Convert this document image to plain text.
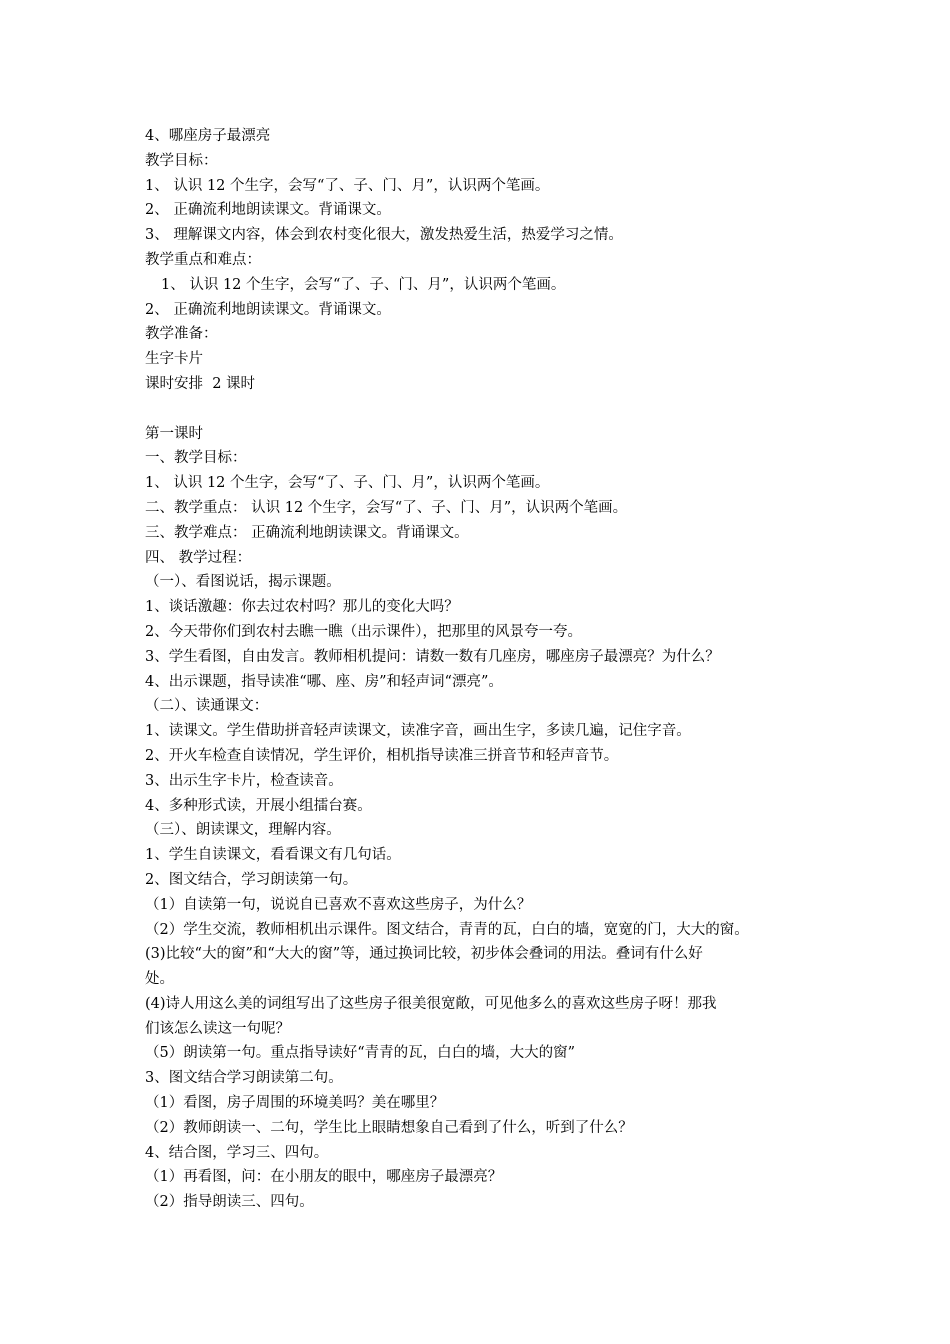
4、哪座房子最漂亮
教学目标：
1、 认识 12 个生字，会写“了、子、门、月”，认识两个笔画。
2、 正确流利地朗读课文。背诵课文。
3、 理解课文内容，体会到农村变化很大，激发热爱生活，热爱学习之情。
教学重点和难点：
1、 认识 12 个生字，会写“了、子、门、月”，认识两个笔画。
2、 正确流利地朗读课文。背诵课文。
教学准备：
生字卡片
课时安排  2 课时
第一课时
一、教学目标：
1、 认识 12 个生字，会写“了、子、门、月”，认识两个笔画。
二、教学重点： 认识 12 个生字，会写“了、子、门、月”，认识两个笔画。
三、教学难点： 正确流利地朗读课文。背诵课文。
四、 教学过程：
（一）、看图说话，揭示课题。
1、谈话激趣：你去过农村吗？那儿的变化大吗？
2、今天带你们到农村去瞧一瞧（出示课件），把那里的风景夸一夸。
3、学生看图，自由发言。教师相机提问：请数一数有几座房，哪座房子最漂亮？为什么？
4、出示课题，指导读准“哪、座、房”和轻声词“漂亮”。
（二）、读通课文：
1、读课文。学生借助拼音轻声读课文，读准字音，画出生字，多读几遍，记住字音。
2、开火车检查自读情况，学生评价，相机指导读准三拼音节和轻声音节。
3、出示生字卡片，检查读音。
4、多种形式读，开展小组擂台赛。
（三）、朗读课文，理解内容。
1、学生自读课文，看看课文有几句话。
2、图文结合，学习朗读第一句。
（1）自读第一句，说说自已喜欢不喜欢这些房子，为什么？
（2）学生交流，教师相机出示课件。图文结合，青青的瓦，白白的墙，宽宽的门，大大的窗。
(3)比较“大的窗”和“大大的窗”等，通过换词比较，初步体会叠词的用法。叠词有什么好
处。
(4)诗人用这么美的词组写出了这些房子很美很宽敞，可见他多么的喜欢这些房子呀！那我
们该怎么读这一句呢？
（5）朗读第一句。重点指导读好“青青的瓦，白白的墙，大大的窗”
3、图文结合学习朗读第二句。
（1）看图，房子周围的环境美吗？美在哪里？
（2）教师朗读一、二句，学生比上眼睛想象自己看到了什么，听到了什么？
4、结合图，学习三、四句。
（1）再看图，问：在小朋友的眼中，哪座房子最漂亮？
（2）指导朗读三、四句。
